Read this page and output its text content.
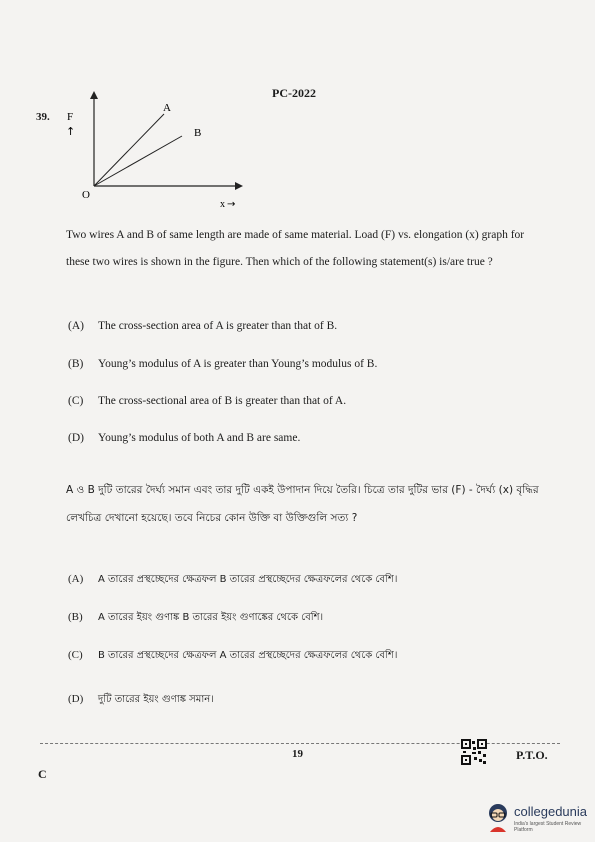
PC-2022
39.
A
B
F
↑
O
x →
Two wires A and B of same length are made of same material. Load (F) vs. elongation (x) graph for these two wires is shown in the figure. Then which of the following statement(s) is/are true ?
(A) The cross-section area of A is greater than that of B.
(B) Young’s modulus of A is greater than Young’s modulus of B.
(C) The cross-sectional area of B is greater than that of A.
(D) Young’s modulus of both A and B are same.
A ও B দুটি তারের দৈর্ঘ্য সমান এবং তার দুটি একই উপাদান দিয়ে তৈরি। চিত্রে তার দুটির ভার (F) - দৈর্ঘ্য (x) বৃদ্ধির লেখচিত্র দেখানো হয়েছে। তবে নিচের কোন উক্তি বা উক্তিগুলি সত্য ?
(A) A তারের প্রস্থচ্ছেদের ক্ষেত্রফল B তারের প্রস্থচ্ছেদের ক্ষেত্রফলের থেকে বেশি।
(B) A তারের ইয়ং গুণাঙ্ক B তারের ইয়ং গুণাঙ্কের থেকে বেশি।
(C) B তারের প্রস্থচ্ছেদের ক্ষেত্রফল A তারের প্রস্থচ্ছেদের ক্ষেত্রফলের থেকে বেশি।
(D) দুটি তারের ইয়ং গুণাঙ্ক সমান।
19	P.T.O.
C
collegedunia
India's largest Student Review Platform
